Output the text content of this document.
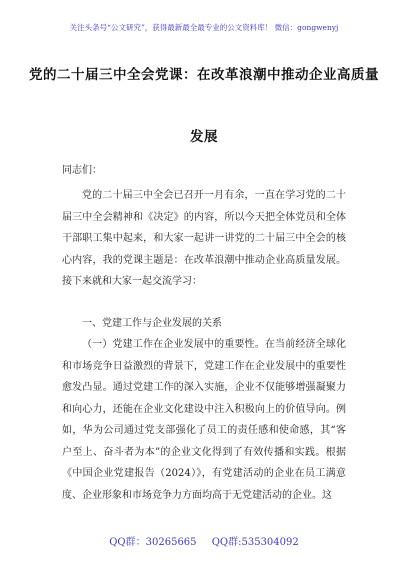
关注头条号“公文研究”，获得最新最全最专业的公文资料库！ 微信：gongwenyj
党的二十届三中全会党课：在改革浪潮中推动企业高质量
发展
同志们：
党的二十届三中全会已召开一月有余，一直在学习党的二十届三中全会精神和《决定》的内容，所以今天把全体党员和全体干部职工集中起来，和大家一起讲一讲党的二十届三中全会的核心内容，我的党课主题是：在改革浪潮中推动企业高质量发展。接下来就和大家一起交流学习：
一、党建工作与企业发展的关系
（一）党建工作在企业发展中的重要性。在当前经济全球化和市场竞争日益激烈的背景下，党建工作在企业发展中的重要性愈发凸显。通过党建工作的深入实施，企业不仅能够增强凝聚力和向心力，还能在企业文化建设中注入积极向上的价值导向。例如，华为公司通过党支部强化了员工的责任感和使命感，其“客户至上、奋斗者为本”的企业文化得到了有效传播和实践。根据《中国企业党建报告（2024）》，有党建活动的企业在员工满意度、企业形象和市场竞争力方面均高于无党建活动的企业。这
QQ群：30265665 QQ群:535304092
